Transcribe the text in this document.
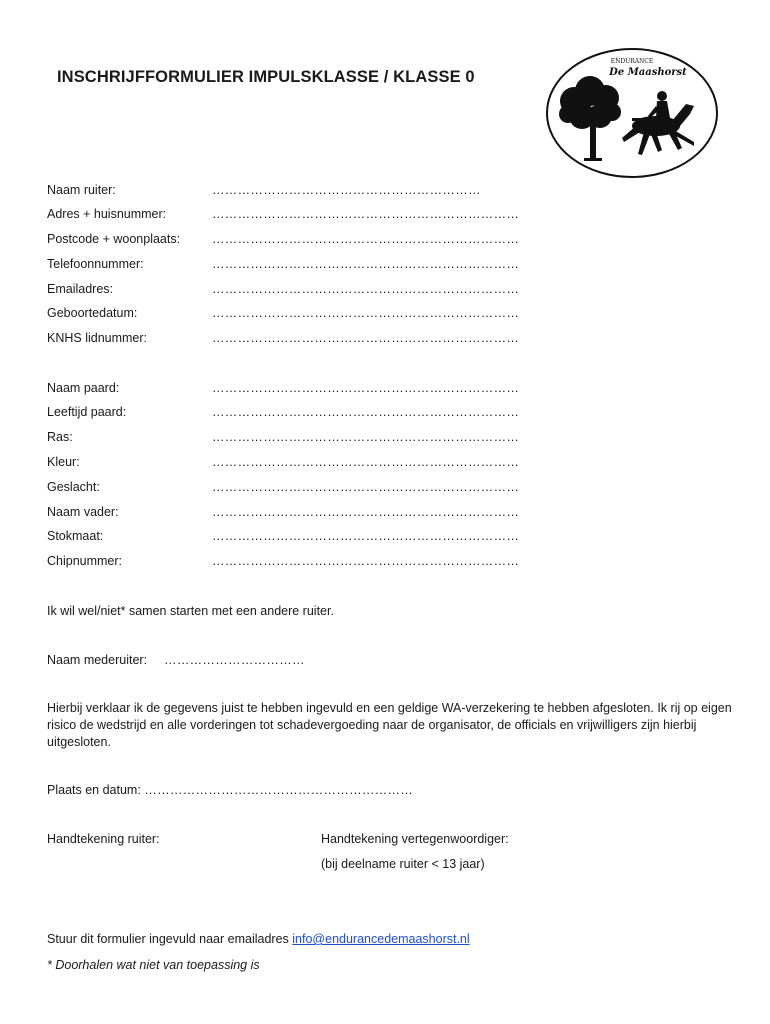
INSCHRIJFFORMULIER IMPULSKLASSE / KLASSE 0
ENDURANCE
De Maashorst
Naam ruiter:	………………………………………………………
Adres + huisnummer:	………………………………………………………………
Postcode + woonplaats:	………………………………………………………………
Telefoonnummer:	………………………………………………………………
Emailadres:	………………………………………………………………
Geboortedatum:	………………………………………………………………
KNHS lidnummer:	………………………………………………………………
Naam paard:	………………………………………………………………
Leeftijd paard:	………………………………………………………………
Ras:	………………………………………………………………
Kleur:	………………………………………………………………
Geslacht:	………………………………………………………………
Naam vader:	………………………………………………………………
Stokmaat:	………………………………………………………………
Chipnummer:	………………………………………………………………
Ik wil wel/niet* samen starten met een andere ruiter.
Naam mederuiter: ……………………………
Hierbij verklaar ik de gegevens juist te hebben ingevuld en een geldige WA-verzekering te hebben afgesloten. Ik rij op eigen risico de wedstrijd en alle vorderingen tot schadevergoeding naar de organisator, de officials en vrijwilligers zijn hierbij uitgesloten.
Plaats en datum: ………………………………………………………
Handtekening ruiter:	Handtekening vertegenwoordiger:
(bij deelname ruiter < 13 jaar)
Stuur dit formulier ingevuld naar emailadres info@endurancedemaashorst.nl
* Doorhalen wat niet van toepassing is
